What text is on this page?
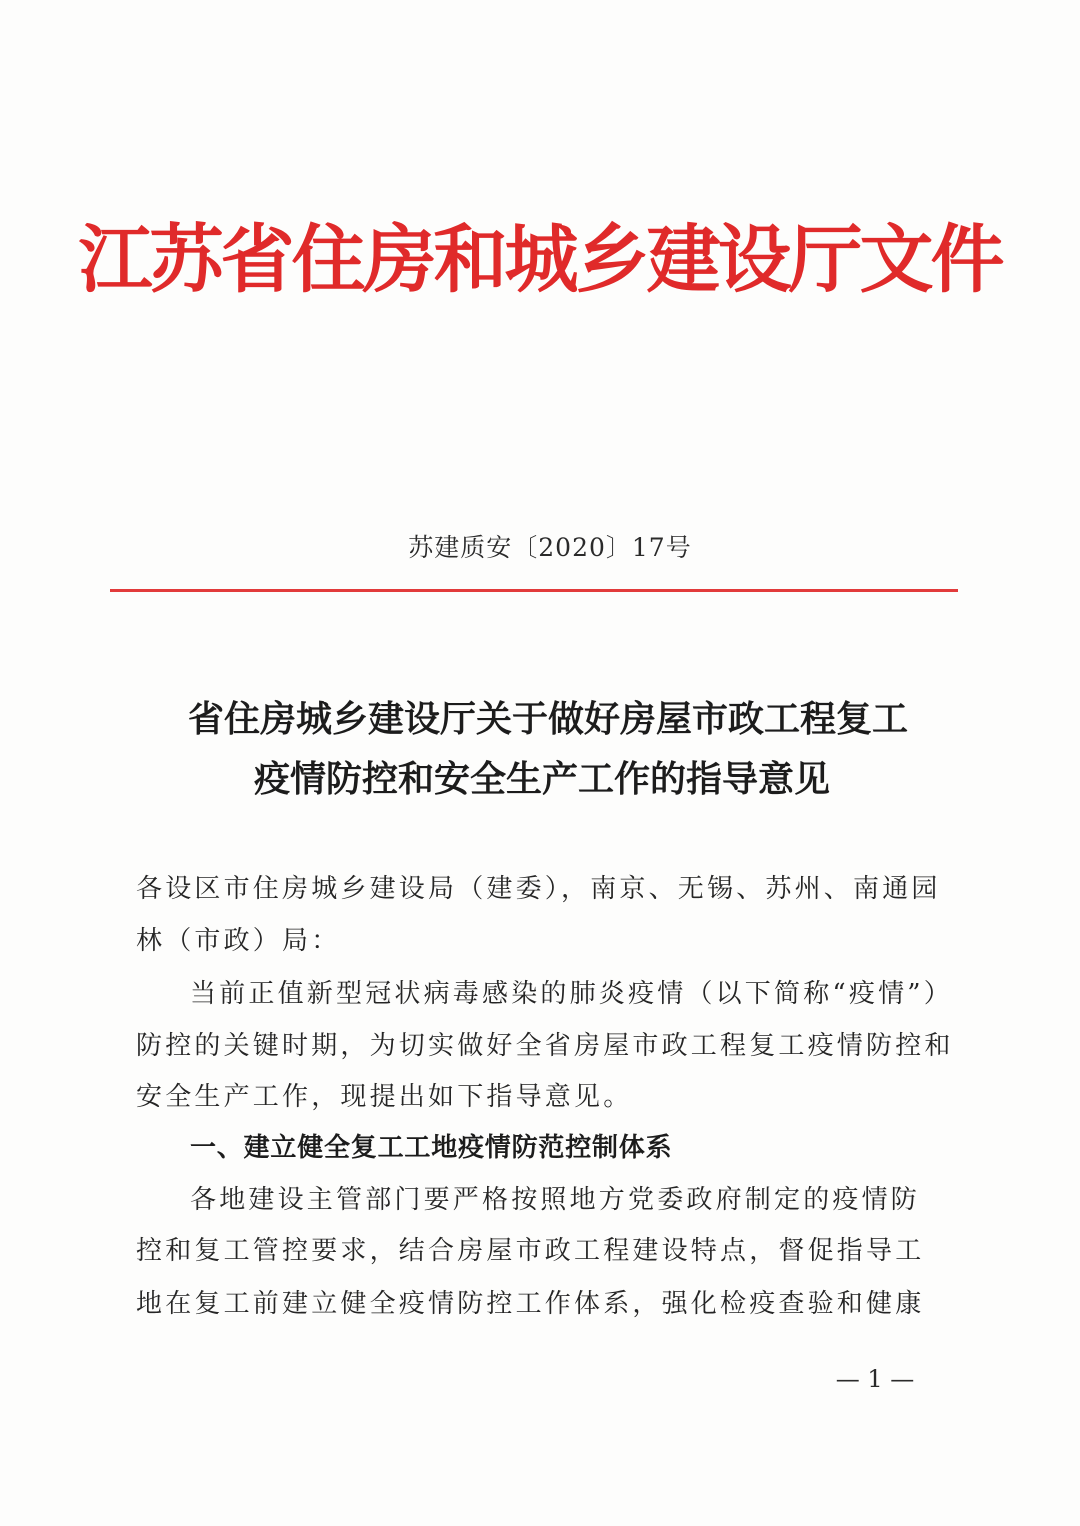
江苏省住房和城乡建设厅文件
苏建质安〔2020〕17号
省住房城乡建设厅关于做好房屋市政工程复工
疫情防控和安全生产工作的指导意见
各设区市住房城乡建设局（建委），南京、无锡、苏州、南通园
林（市政）局：
当前正值新型冠状病毒感染的肺炎疫情（以下简称“疫情”）
防控的关键时期，为切实做好全省房屋市政工程复工疫情防控和
安全生产工作，现提出如下指导意见。
一、建立健全复工工地疫情防范控制体系
各地建设主管部门要严格按照地方党委政府制定的疫情防
控和复工管控要求，结合房屋市政工程建设特点，督促指导工
地在复工前建立健全疫情防控工作体系，强化检疫查验和健康
— 1 —
